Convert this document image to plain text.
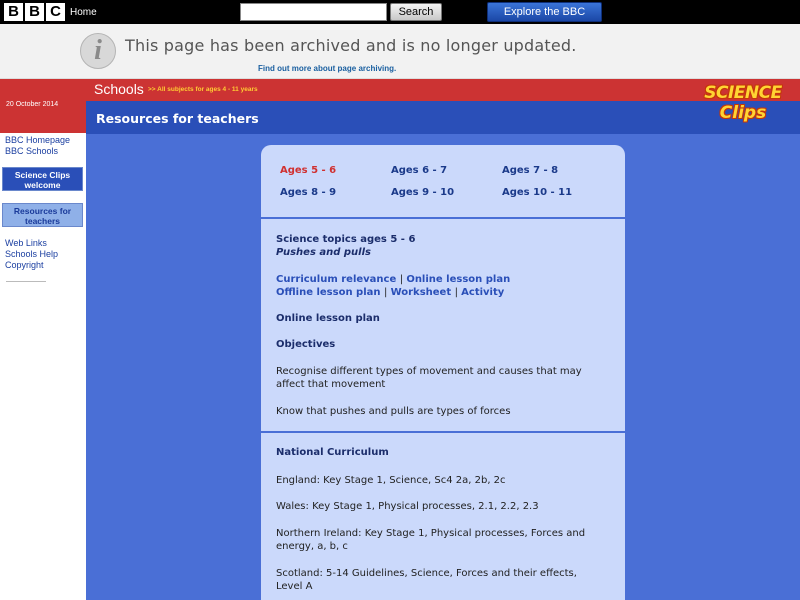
B B C Home	Search	Explore the BBC
i	This page has been archived and is no longer updated.
Find out more about page archiving.
20 October 2014
BBC Homepage
BBC Schools
Science Clips welcome
Resources for teachers
Web Links
Schools Help
Copyright
Schools >> All subjects for ages 4 - 11 years
Resources for teachers
SCIENCE
Clips
Ages 5 - 6	Ages 6 - 7	Ages 7 - 8
Ages 8 - 9	Ages 9 - 10	Ages 10 - 11
Science topics ages 5 - 6
Pushes and pulls
Curriculum relevance | Online lesson plan
Offline lesson plan | Worksheet | Activity
Online lesson plan
Objectives
Recognise different types of movement and causes that may
affect that movement
Know that pushes and pulls are types of forces
National Curriculum
England: Key Stage 1, Science, Sc4 2a, 2b, 2c
Wales: Key Stage 1, Physical processes, 2.1, 2.2, 2.3
Northern Ireland: Key Stage 1, Physical processes, Forces and
energy, a, b, c
Scotland: 5-14 Guidelines, Science, Forces and their effects,
Level A
